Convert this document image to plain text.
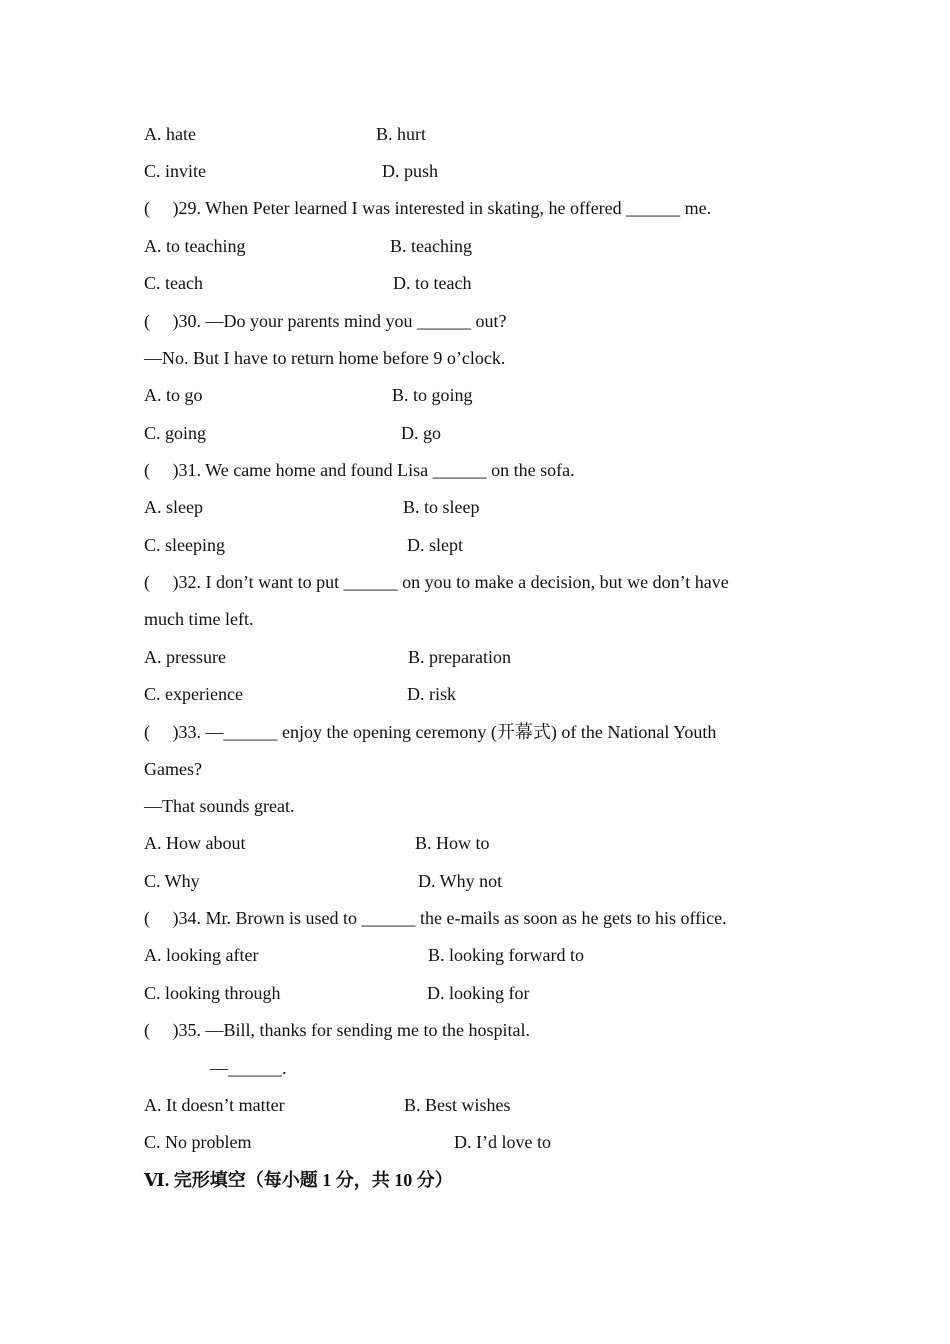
A. hate	B. hurt
C. invite	D. push
(     )29. When Peter learned I was interested in skating, he offered ______ me.
A. to teaching	B. teaching
C. teach	D. to teach
(     )30. —Do your parents mind you ______ out?
—No. But I have to return home before 9 o’clock.
A. to go	B. to going
C. going	D. go
(     )31. We came home and found Lisa ______ on the sofa.
A. sleep	B. to sleep
C. sleeping	D. slept
(     )32. I don’t want to put ______ on you to make a decision, but we don’t have
much time left.
A. pressure	B. preparation
C. experience	D. risk
(     )33. —______ enjoy the opening ceremony (开幕式) of the National Youth
Games?
—That sounds great.
A. How about	B. How to
C. Why	D. Why not
(     )34. Mr. Brown is used to ______ the e-mails as soon as he gets to his office.
A. looking after	B. looking forward to
C. looking through	D. looking for
(     )35. —Bill, thanks for sending me to the hospital.
—______.
A. It doesn’t matter	B. Best wishes
C. No problem	D. I’d love to
Ⅵ. 完形填空（每小题 1 分，共 10 分）
